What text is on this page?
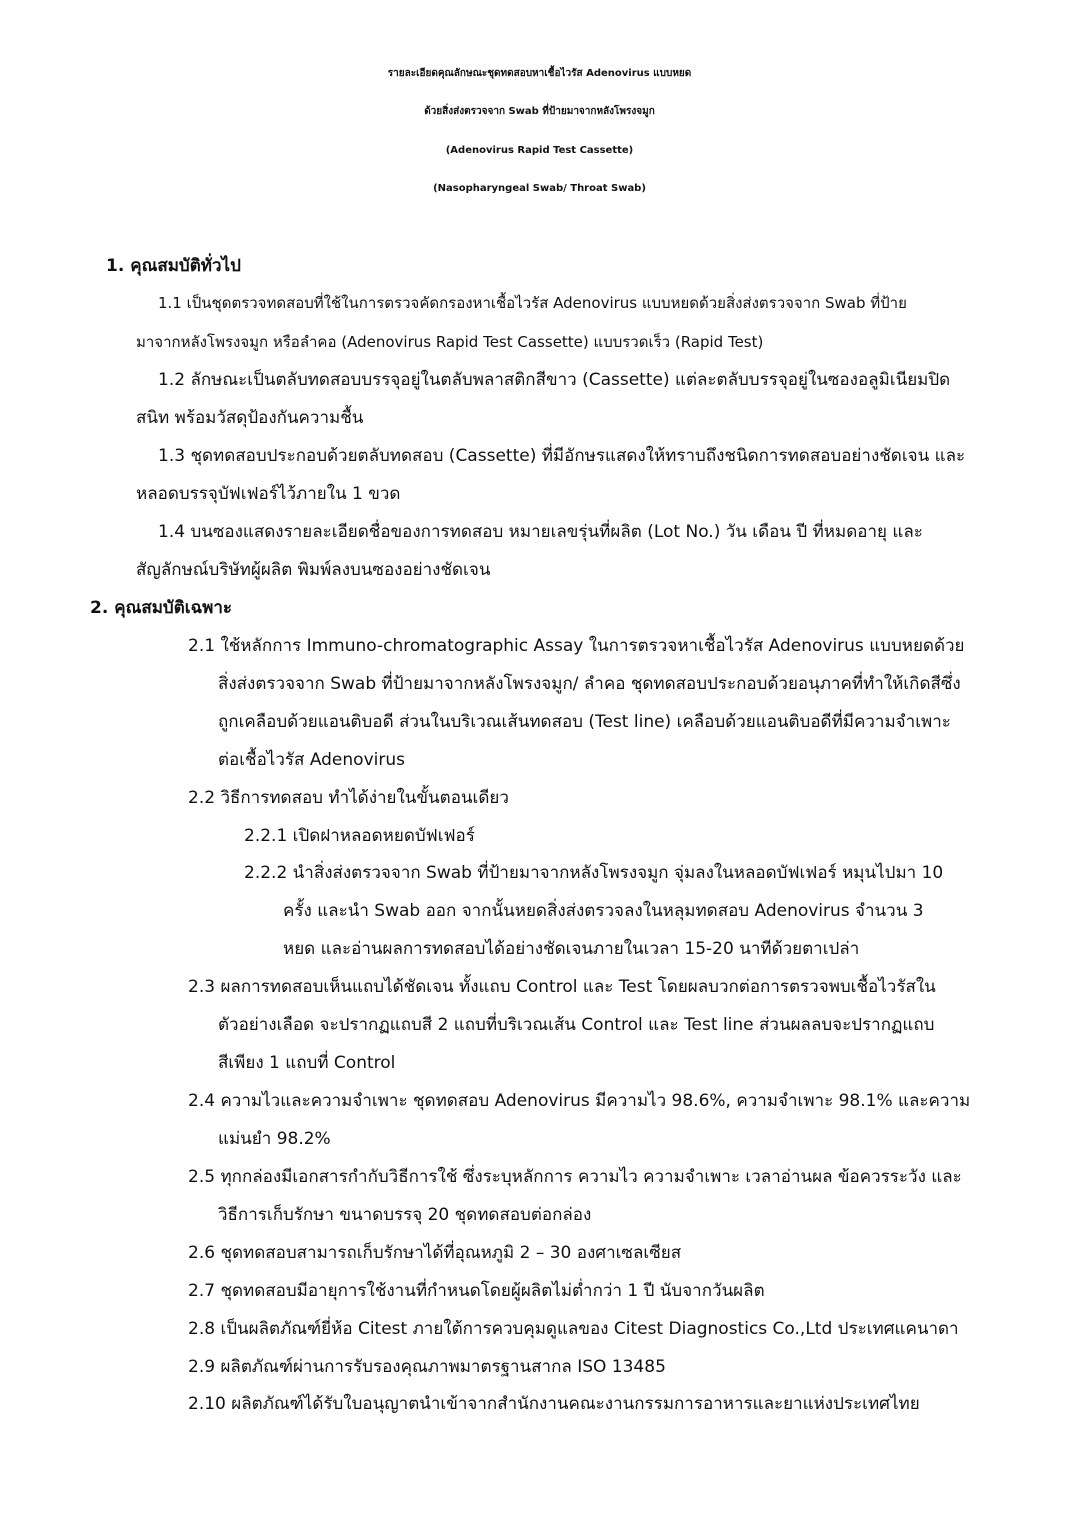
รายละเอียดคุณลักษณะชุดทดสอบหาเชื้อไวรัส Adenovirus แบบหยด
ด้วยสิ่งส่งตรวจจาก Swab ที่ป้ายมาจากหลังโพรงจมูก
(Adenovirus Rapid Test Cassette)
(Nasopharyngeal Swab/ Throat Swab)
1. คุณสมบัติทั่วไป
1.1 เป็นชุดตรวจทดสอบที่ใช้ในการตรวจคัดกรองหาเชื้อไวรัส Adenovirus แบบหยดด้วยสิ่งส่งตรวจจาก Swab ที่ป้าย
มาจากหลังโพรงจมูก หรือลำคอ (Adenovirus Rapid Test Cassette) แบบรวดเร็ว (Rapid Test)
1.2 ลักษณะเป็นตลับทดสอบบรรจุอยู่ในตลับพลาสติกสีขาว (Cassette) แต่ละตลับบรรจุอยู่ในซองอลูมิเนียมปิด
สนิท พร้อมวัสดุป้องกันความชื้น
1.3 ชุดทดสอบประกอบด้วยตลับทดสอบ (Cassette) ที่มีอักษรแสดงให้ทราบถึงชนิดการทดสอบอย่างชัดเจน และ
หลอดบรรจุบัฟเฟอร์ไว้ภายใน 1 ขวด
1.4 บนซองแสดงรายละเอียดชื่อของการทดสอบ หมายเลขรุ่นที่ผลิต (Lot No.) วัน เดือน ปี ที่หมดอายุ และ
สัญลักษณ์บริษัทผู้ผลิต พิมพ์ลงบนซองอย่างชัดเจน
2. คุณสมบัติเฉพาะ
2.1 ใช้หลักการ Immuno-chromatographic Assay ในการตรวจหาเชื้อไวรัส Adenovirus แบบหยดด้วย
สิ่งส่งตรวจจาก Swab ที่ป้ายมาจากหลังโพรงจมูก/ ลำคอ ชุดทดสอบประกอบด้วยอนุภาคที่ทำให้เกิดสีซึ่ง
ถูกเคลือบด้วยแอนติบอดี ส่วนในบริเวณเส้นทดสอบ (Test line) เคลือบด้วยแอนติบอดีที่มีความจำเพาะ
ต่อเชื้อไวรัส Adenovirus
2.2 วิธีการทดสอบ ทำได้ง่ายในขั้นตอนเดียว
2.2.1 เปิดฝาหลอดหยดบัฟเฟอร์
2.2.2 นำสิ่งส่งตรวจจาก Swab ที่ป้ายมาจากหลังโพรงจมูก จุ่มลงในหลอดบัฟเฟอร์ หมุนไปมา 10
ครั้ง และนำ Swab ออก จากนั้นหยดสิ่งส่งตรวจลงในหลุมทดสอบ Adenovirus จำนวน 3
หยด และอ่านผลการทดสอบได้อย่างชัดเจนภายในเวลา 15-20 นาทีด้วยตาเปล่า
2.3 ผลการทดสอบเห็นแถบได้ชัดเจน ทั้งแถบ Control และ Test โดยผลบวกต่อการตรวจพบเชื้อไวรัสใน
ตัวอย่างเลือด จะปรากฏแถบสี 2 แถบที่บริเวณเส้น Control และ Test line ส่วนผลลบจะปรากฏแถบ
สีเพียง 1 แถบที่ Control
2.4 ความไวและความจำเพาะ ชุดทดสอบ Adenovirus มีความไว 98.6%, ความจำเพาะ 98.1% และความ
แม่นยำ 98.2%
2.5 ทุกกล่องมีเอกสารกำกับวิธีการใช้ ซึ่งระบุหลักการ ความไว ความจำเพาะ เวลาอ่านผล ข้อควรระวัง และ
วิธีการเก็บรักษา ขนาดบรรจุ 20 ชุดทดสอบต่อกล่อง
2.6 ชุดทดสอบสามารถเก็บรักษาได้ที่อุณหภูมิ 2 – 30 องศาเซลเซียส
2.7 ชุดทดสอบมีอายุการใช้งานที่กำหนดโดยผู้ผลิตไม่ต่ำกว่า 1 ปี นับจากวันผลิต
2.8 เป็นผลิตภัณฑ์ยี่ห้อ Citest ภายใต้การควบคุมดูแลของ Citest Diagnostics Co.,Ltd ประเทศแคนาดา
2.9 ผลิตภัณฑ์ผ่านการรับรองคุณภาพมาตรฐานสากล ISO 13485
2.10 ผลิตภัณฑ์ได้รับใบอนุญาตนำเข้าจากสำนักงานคณะงานกรรมการอาหารและยาแห่งประเทศไทย
